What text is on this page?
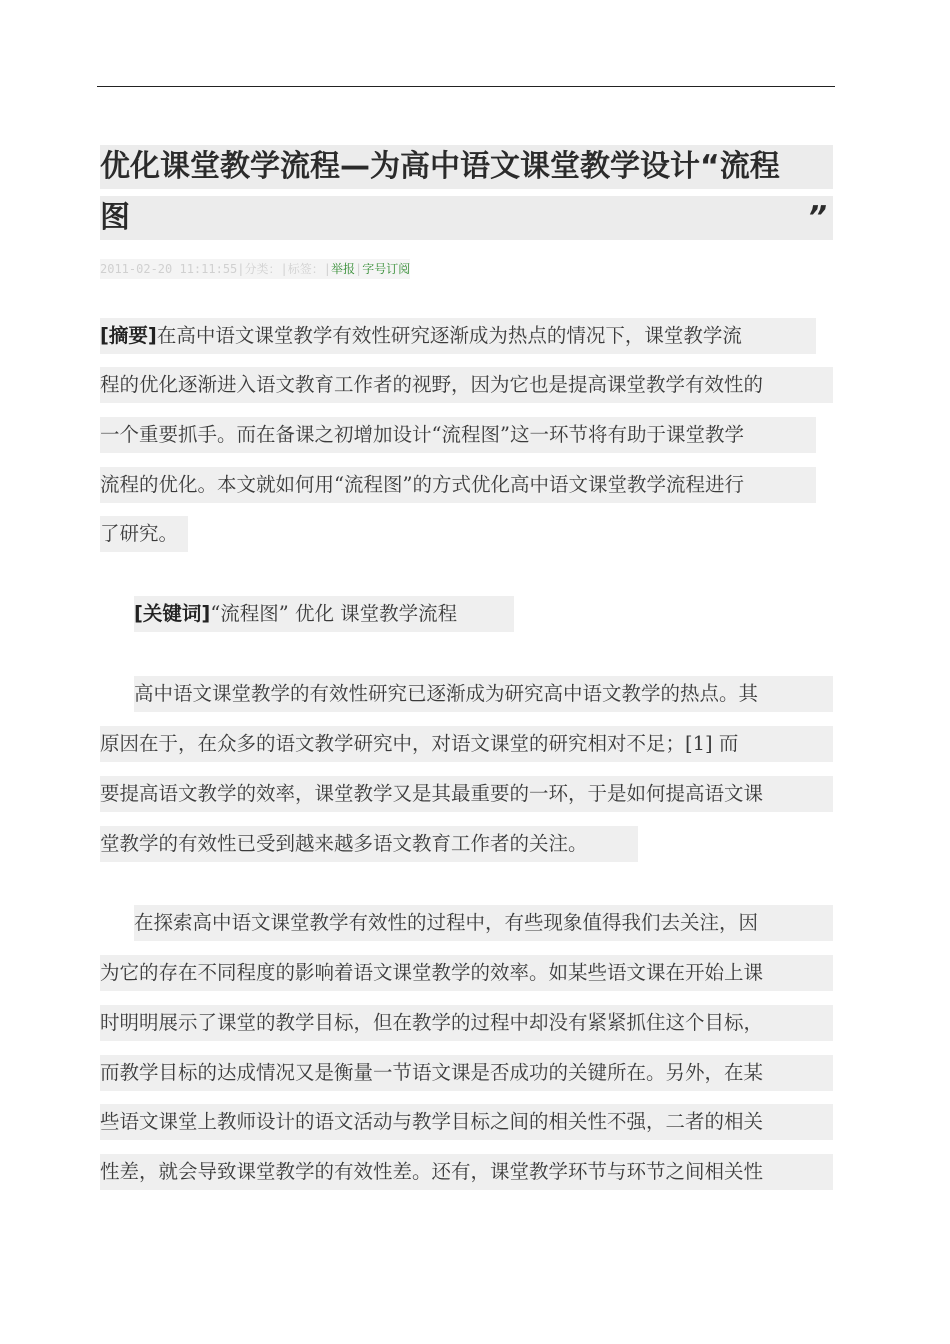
优化课堂教学流程—为高中语文课堂教学设计“流程
图	”
2011-02-20 11:11:55|分类：|标签：|举报|字号订阅
[摘要]在高中语文课堂教学有效性研究逐渐成为热点的情况下，课堂教学流
程的优化逐渐进入语文教育工作者的视野，因为它也是提高课堂教学有效性的
一个重要抓手。而在备课之初增加设计“流程图”这一环节将有助于课堂教学
流程的优化。本文就如何用“流程图”的方式优化高中语文课堂教学流程进行
了研究。
[关键词]“流程图” 优化 课堂教学流程
高中语文课堂教学的有效性研究已逐渐成为研究高中语文教学的热点。其
原因在于，在众多的语文教学研究中，对语文课堂的研究相对不足；[1] 而
要提高语文教学的效率，课堂教学又是其最重要的一环，于是如何提高语文课
堂教学的有效性已受到越来越多语文教育工作者的关注。
在探索高中语文课堂教学有效性的过程中，有些现象值得我们去关注，因
为它的存在不同程度的影响着语文课堂教学的效率。如某些语文课在开始上课
时明明展示了课堂的教学目标，但在教学的过程中却没有紧紧抓住这个目标，
而教学目标的达成情况又是衡量一节语文课是否成功的关键所在。另外，在某
些语文课堂上教师设计的语文活动与教学目标之间的相关性不强，二者的相关
性差，就会导致课堂教学的有效性差。还有，课堂教学环节与环节之间相关性
